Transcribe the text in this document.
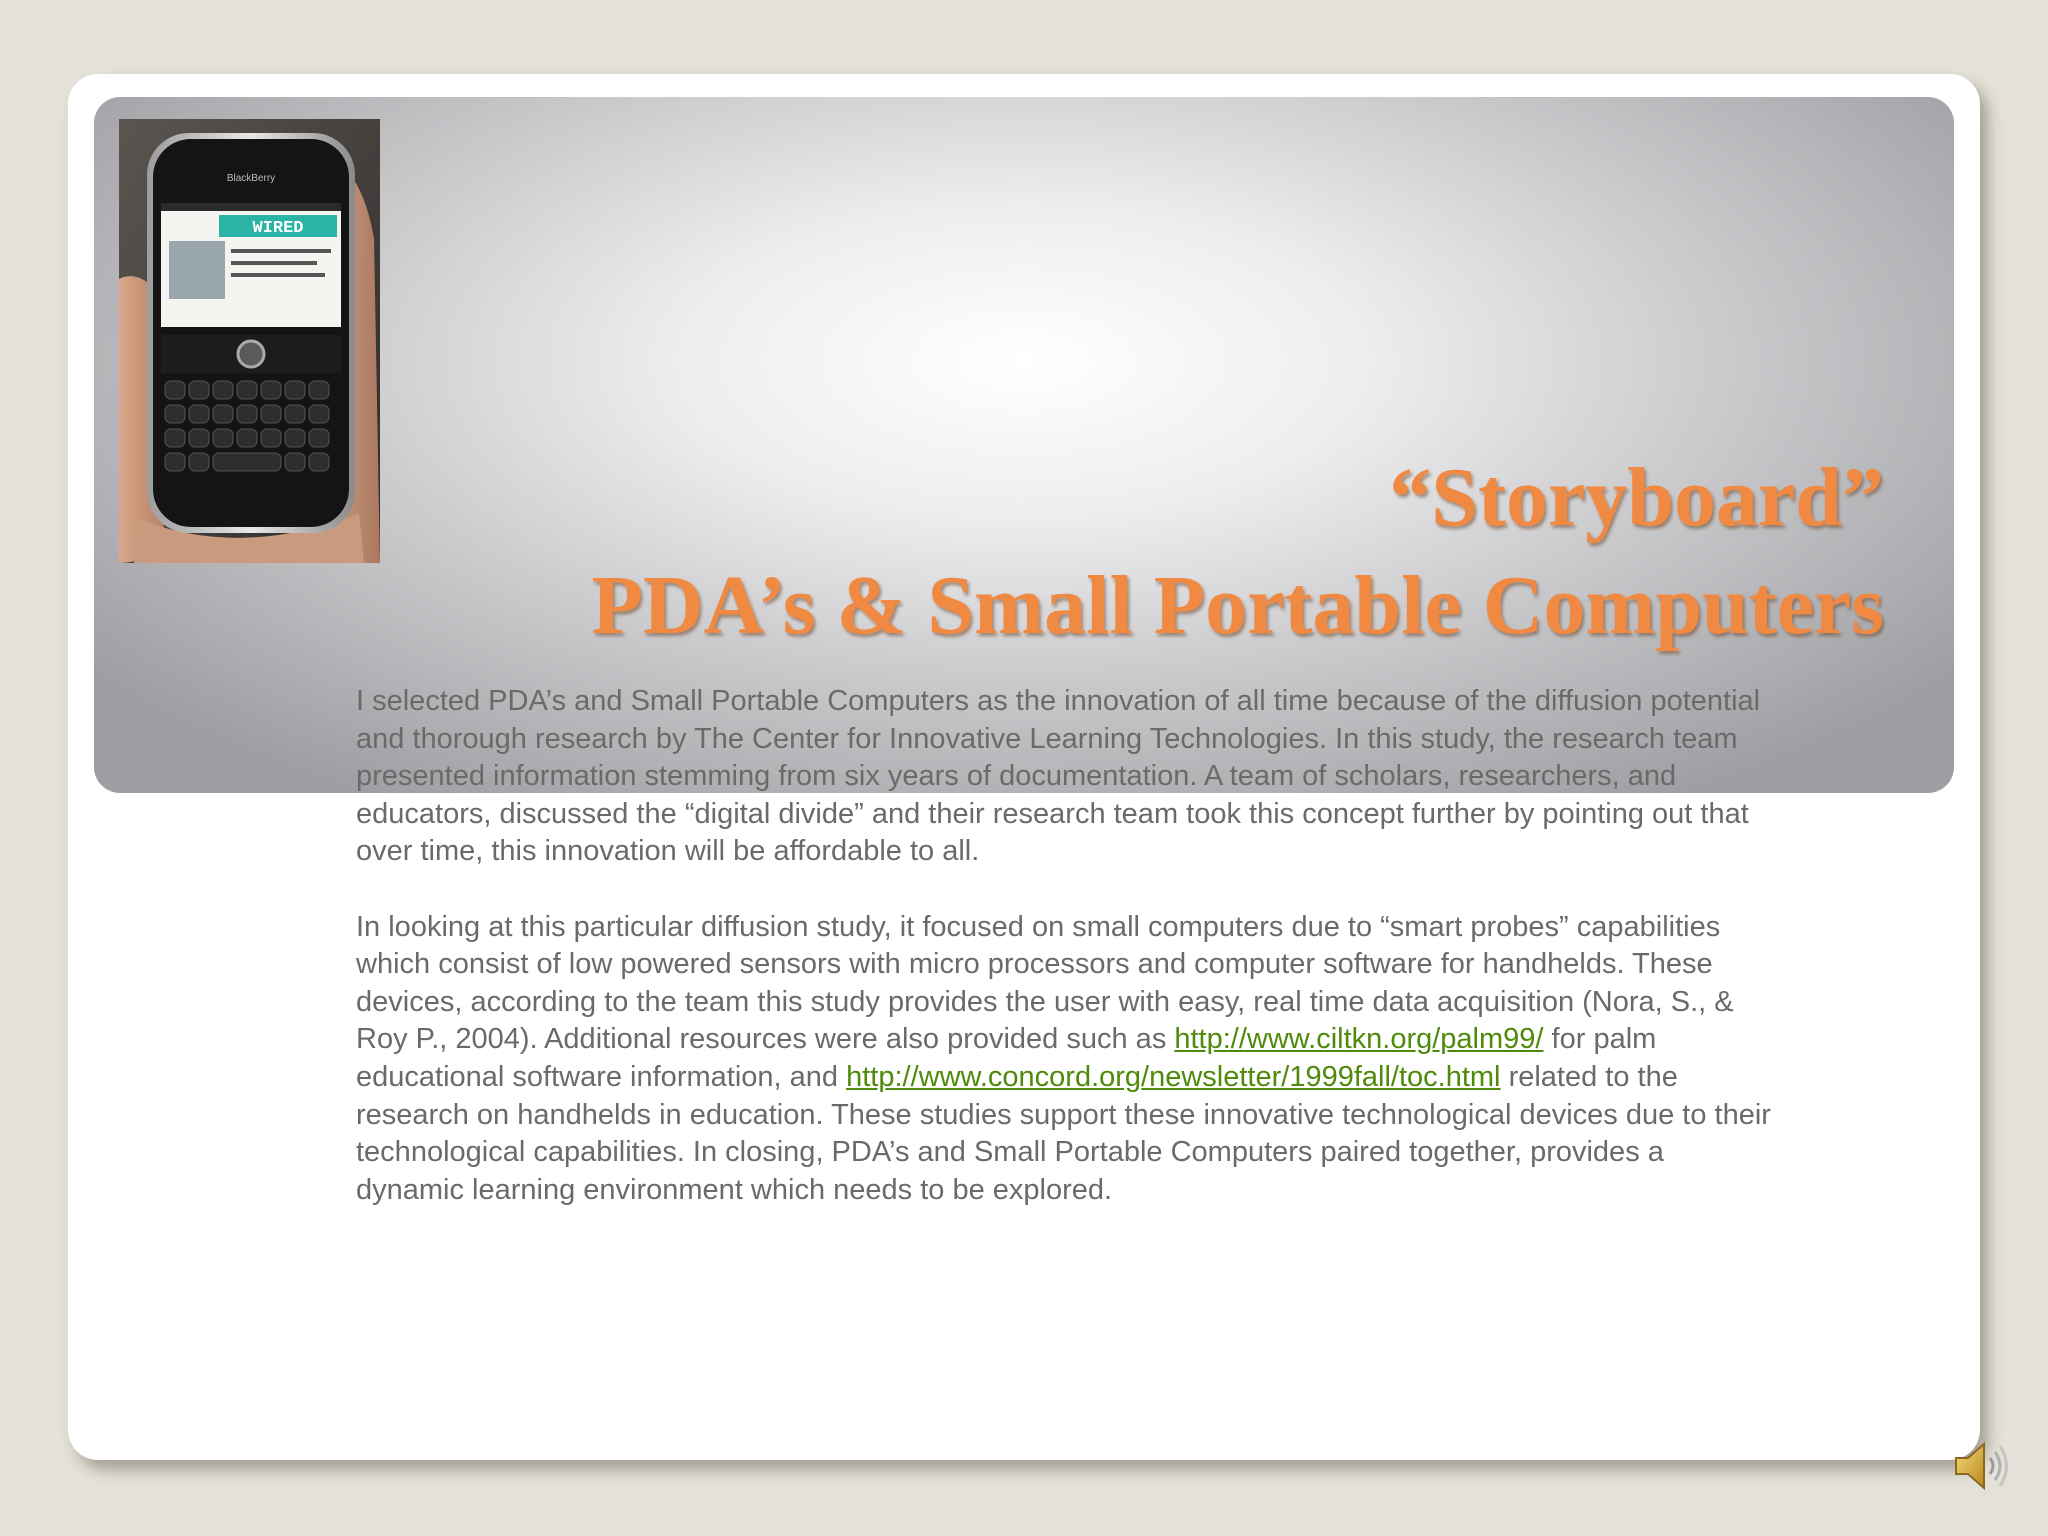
BlackBerry
WIRED
“Storyboard”
PDA’s & Small Portable Computers

I selected PDA’s and Small Portable Computers as the innovation of all time because of the diffusion potential and thorough research by The Center for Innovative Learning Technologies. In this study, the research team presented information stemming from six years of documentation. A team of scholars, researchers, and educators, discussed the “digital divide” and their research team took this concept further by pointing out that over time, this innovation will be affordable to all.

In looking at this particular diffusion study, it focused on small computers due to “smart probes” capabilities which consist of low powered sensors with micro processors and computer software for handhelds. These devices, according to the team this study provides the user with easy, real time data acquisition (Nora, S., & Roy P., 2004). Additional resources were also provided such as http://www.ciltkn.org/palm99/ for palm educational software information, and http://www.concord.org/newsletter/1999fall/toc.html related to the research on handhelds in education. These studies support these innovative technological devices due to their technological capabilities. In closing, PDA’s and Small Portable Computers paired together, provides a dynamic learning environment which needs to be explored.
